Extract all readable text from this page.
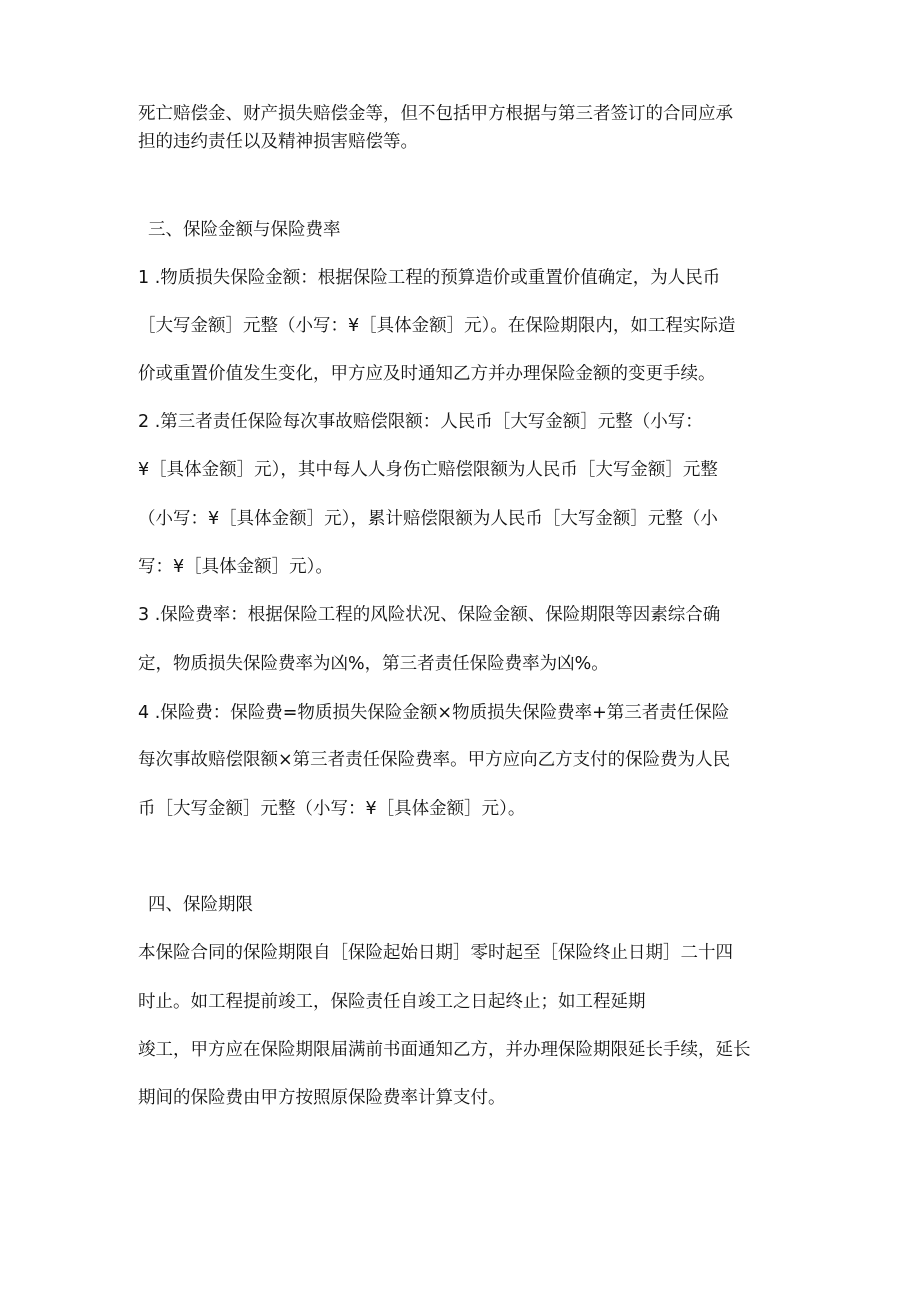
死亡赔偿金、财产损失赔偿金等，但不包括甲方根据与第三者签订的合同应承

担的违约责任以及精神损害赔偿等。

三、保险金额与保险费率

1 .物质损失保险金额：根据保险工程的预算造价或重置价值确定，为人民币

［大写金额］元整（小写：¥［具体金额］元）。在保险期限内，如工程实际造

价或重置价值发生变化，甲方应及时通知乙方并办理保险金额的变更手续。

2 .第三者责任保险每次事故赔偿限额：人民币［大写金额］元整（小写：

¥［具体金额］元），其中每人人身伤亡赔偿限额为人民币［大写金额］元整

（小写：¥［具体金额］元），累计赔偿限额为人民币［大写金额］元整（小

写：¥［具体金额］元）。

3 .保险费率：根据保险工程的风险状况、保险金额、保险期限等因素综合确

定，物质损失保险费率为凶%，第三者责任保险费率为凶%。

4 .保险费：保险费=物质损失保险金额×物质损失保险费率+第三者责任保险

每次事故赔偿限额×第三者责任保险费率。甲方应向乙方支付的保险费为人民

币［大写金额］元整（小写：¥［具体金额］元）。

四、保险期限

本保险合同的保险期限自［保险起始日期］零时起至［保险终止日期］二十四

时止。如工程提前竣工，保险责任自竣工之日起终止；如工程延期

竣工，甲方应在保险期限届满前书面通知乙方，并办理保险期限延长手续，延长

期间的保险费由甲方按照原保险费率计算支付。
